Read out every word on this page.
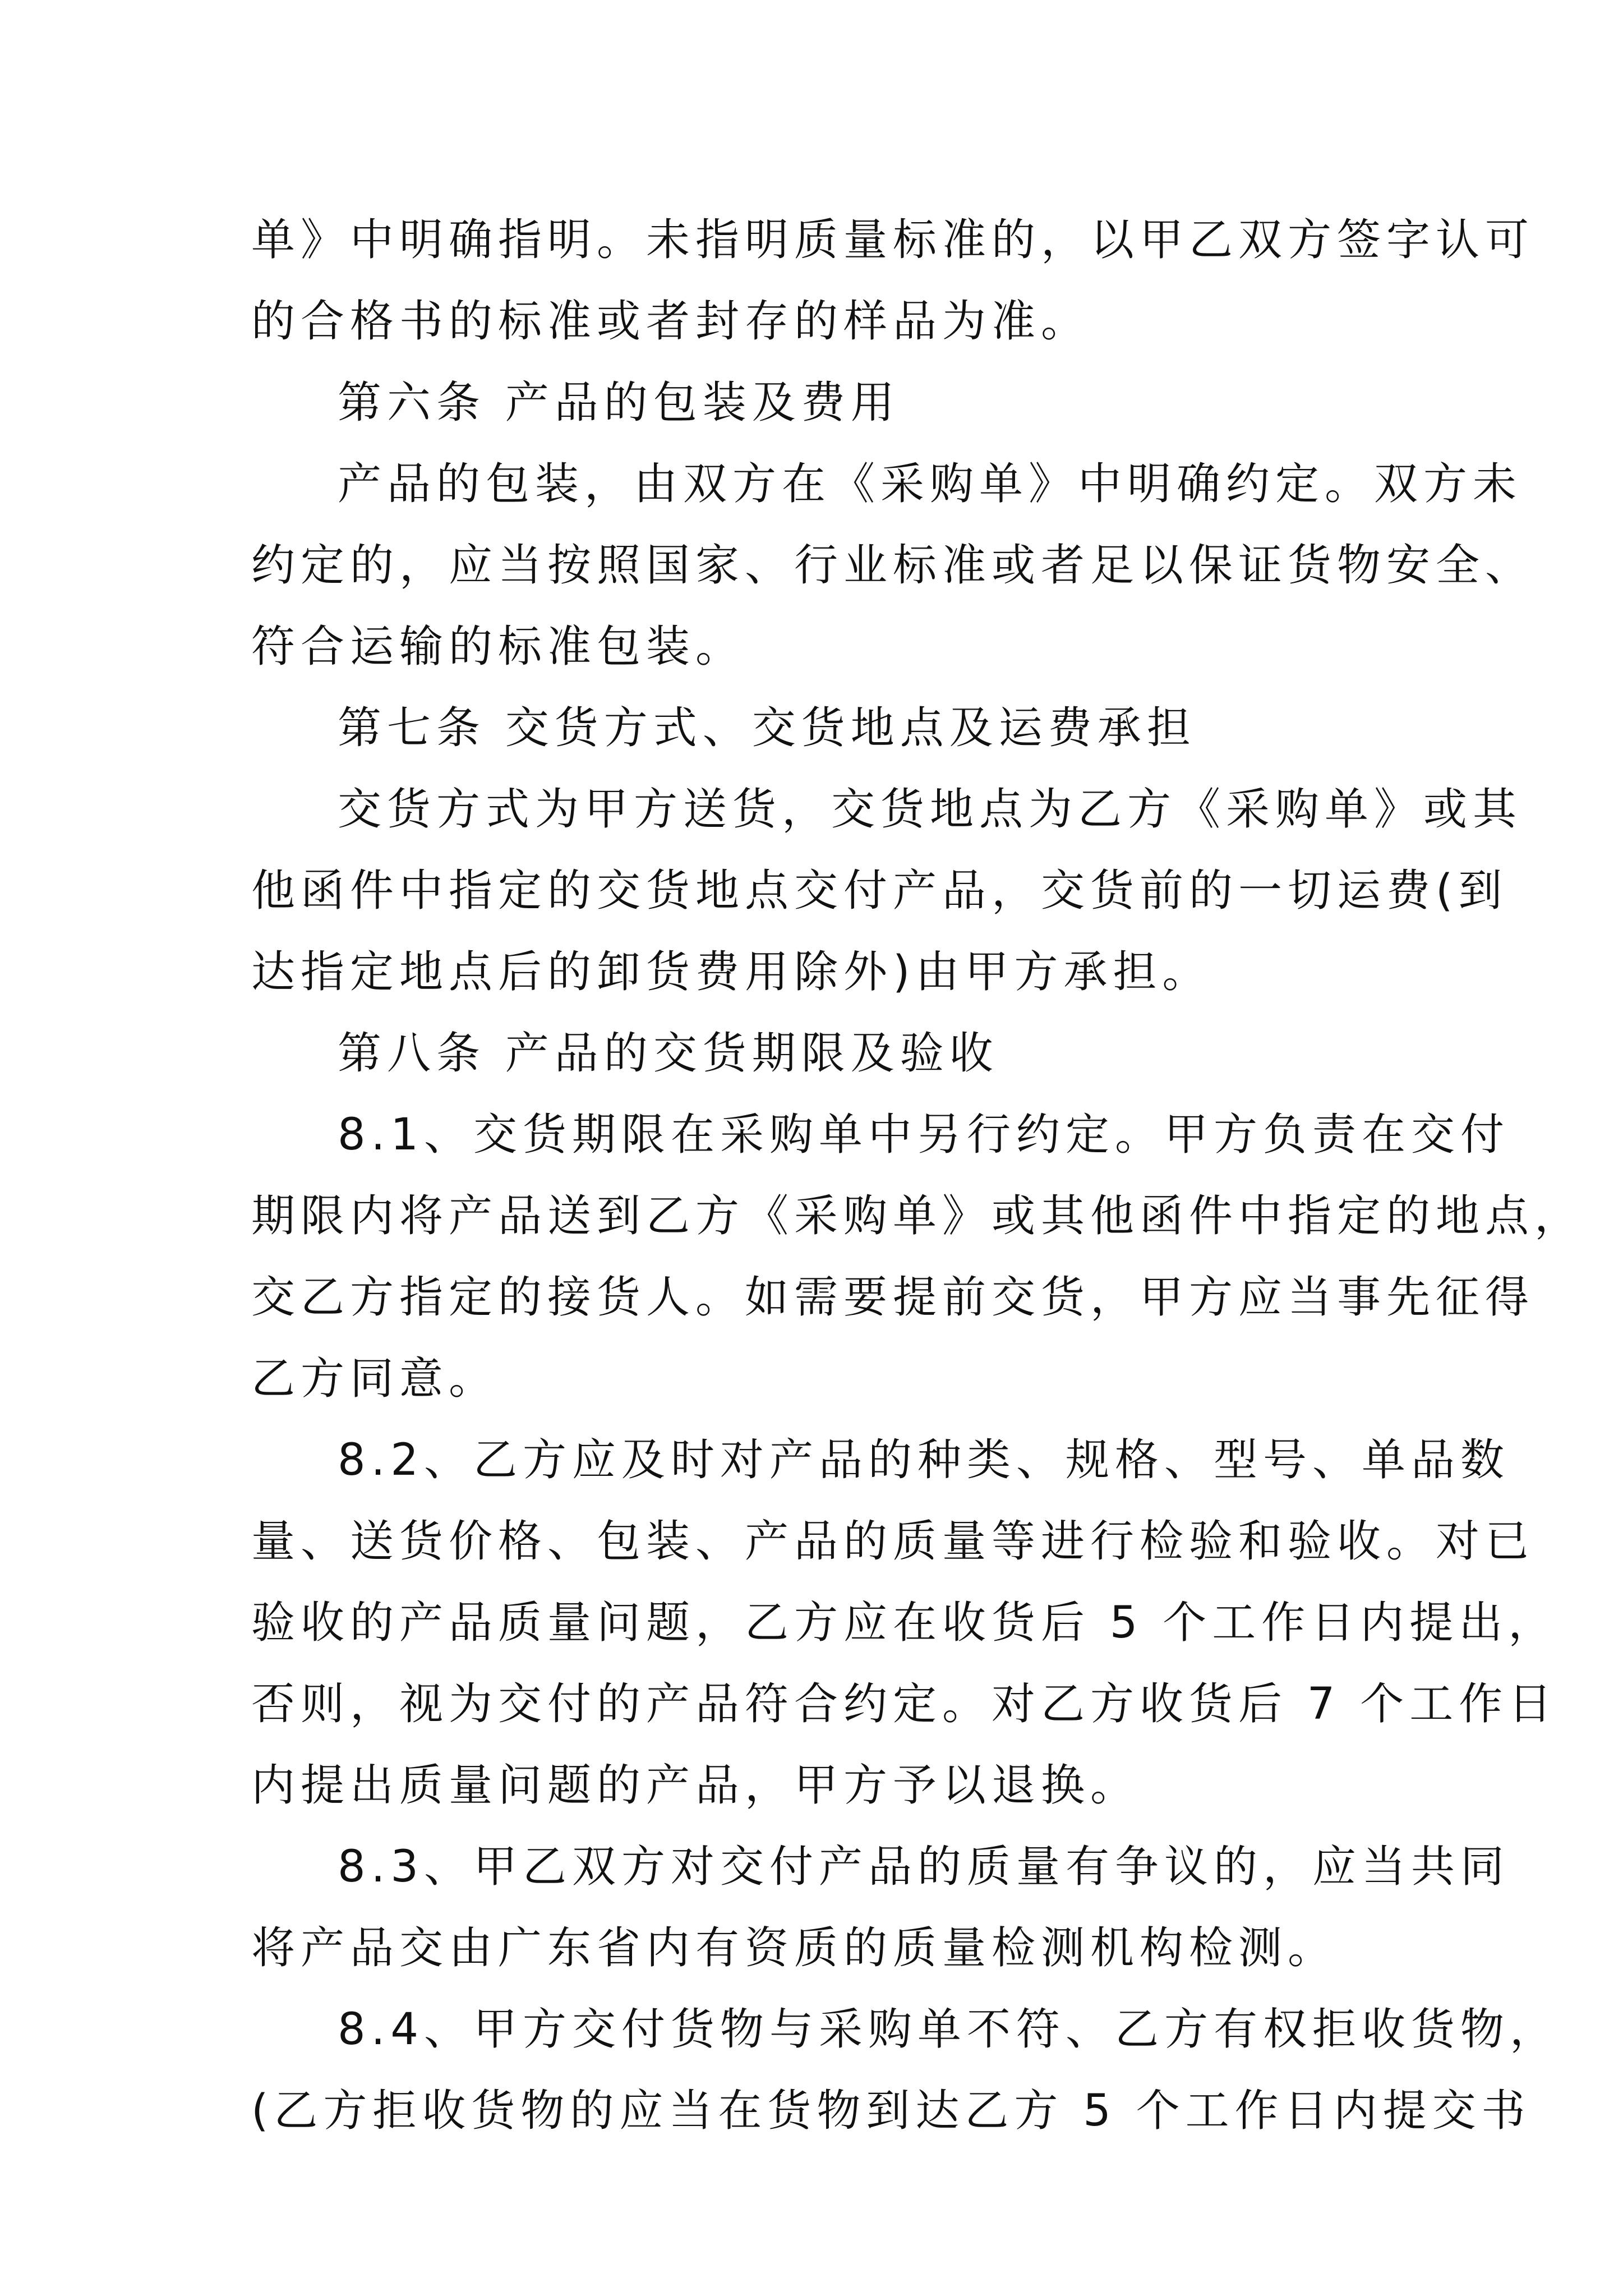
单》中明确指明。未指明质量标准的，以甲乙双方签字认可
的合格书的标准或者封存的样品为准。
第六条 产品的包装及费用
产品的包装，由双方在《采购单》中明确约定。双方未
约定的，应当按照国家、行业标准或者足以保证货物安全、
符合运输的标准包装。
第七条 交货方式、交货地点及运费承担
交货方式为甲方送货，交货地点为乙方《采购单》或其
他函件中指定的交货地点交付产品，交货前的一切运费(到
达指定地点后的卸货费用除外)由甲方承担。
第八条 产品的交货期限及验收
8.1、交货期限在采购单中另行约定。甲方负责在交付
期限内将产品送到乙方《采购单》或其他函件中指定的地点，
交乙方指定的接货人。如需要提前交货，甲方应当事先征得
乙方同意。
8.2、乙方应及时对产品的种类、规格、型号、单品数
量、送货价格、包装、产品的质量等进行检验和验收。对已
验收的产品质量问题，乙方应在收货后 5 个工作日内提出，
否则，视为交付的产品符合约定。对乙方收货后 7 个工作日
内提出质量问题的产品，甲方予以退换。
8.3、甲乙双方对交付产品的质量有争议的，应当共同
将产品交由广东省内有资质的质量检测机构检测。
8.4、甲方交付货物与采购单不符、乙方有权拒收货物，
(乙方拒收货物的应当在货物到达乙方 5 个工作日内提交书
